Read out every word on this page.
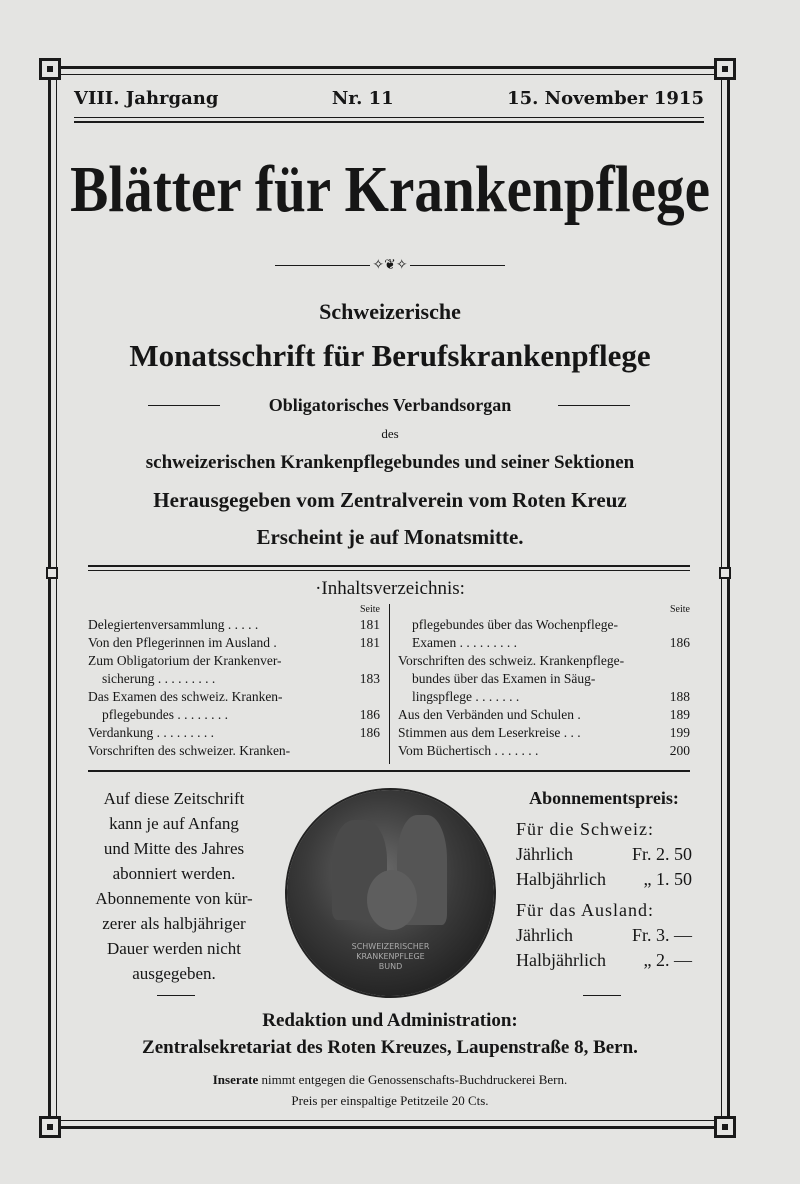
VIII. Jahrgang	Nr. 11	15. November 1915
Blätter für Krankenpflege
✧❦✧
Schweizerische
Monatsschrift für Berufskrankenpflege
Obligatorisches Verbandsorgan
des
schweizerischen Krankenpflegebundes und seiner Sektionen
Herausgegeben vom Zentralverein vom Roten Kreuz
Erscheint je auf Monatsmitte.
·Inhaltsverzeichnis:
Seite
Delegiertenversammlung . . . . .	181
Von den Pflegerinnen im Ausland .	181
Zum Obligatorium der Krankenver-
sicherung . . . . . . . . .	183
Das Examen des schweiz. Kranken-
pflegebundes . . . . . . . .	186
Verdankung . . . . . . . . .	186
Vorschriften des schweizer. Kranken-
Seite
pflegebundes über das Wochenpflege-
Examen . . . . . . . . .	186
Vorschriften des schweiz. Krankenpflege-
bundes über das Examen in Säug-
lingspflege . . . . . . .	188
Aus den Verbänden und Schulen .	189
Stimmen aus dem Leserkreise . . .	199
Vom Büchertisch . . . . . . .	200
Auf diese Zeitschrift
kann je auf Anfang
und Mitte des Jahres
abonniert werden.
Abonnemente von kür-
zerer als halbjähriger
Dauer werden nicht
ausgegeben.
SCHWEIZERISCHER
KRANKENPFLEGE
BUND
Abonnementspreis:
Für die Schweiz:
Jährlich	Fr. 2. 50
Halbjährlich „ 1. 50
Für das Ausland:
Jährlich	Fr. 3. —
Halbjährlich „ 2. —
Redaktion und Administration:
Zentralsekretariat des Roten Kreuzes, Laupenstraße 8, Bern.
Inserate nimmt entgegen die Genossenschafts-Buchdruckerei Bern.
Preis per einspaltige Petitzeile 20 Cts.
